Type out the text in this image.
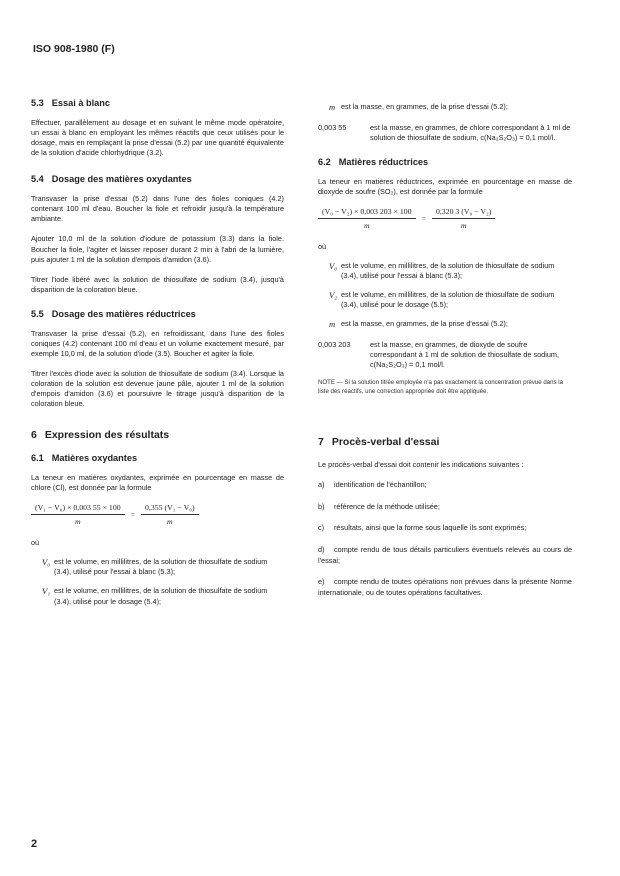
ISO 908-1980 (F)
5.3 Essai à blanc

Effectuer, parallèlement au dosage et en suivant le même mode opératoire, un essai à blanc en employant les mêmes réactifs que ceux utilisés pour le dosage, mais en remplaçant la prise d'essai (5.2) par une quantité équivalente de la solution d'acide chlorhydrique (3.2).

5.4 Dosage des matières oxydantes

Transvaser la prise d'essai (5.2) dans l'une des fioles coniques (4.2) contenant 100 ml d'eau. Boucher la fiole et refroidir jusqu'à la température ambiante.

Ajouter 10,0 ml de la solution d'iodure de potassium (3.3) dans la fiole. Boucher la fiole, l'agiter et laisser reposer durant 2 min à l'abri de la lumière, puis ajouter 1 ml de la solution d'empois d'amidon (3.6).

Titrer l'iode libéré avec la solution de thiosulfate de sodium (3.4), jusqu'à disparition de la coloration bleue.

5.5 Dosage des matières réductrices

Transvaser la prise d'essai (5.2), en refroidissant, dans l'une des fioles coniques (4.2) contenant 100 ml d'eau et un volume exactement mesuré, par exemple 10,0 ml, de la solution d'iode (3.5). Boucher et agiter la fiole.

Titrer l'excès d'iode avec la solution de thiosulfate de sodium (3.4). Lorsque la coloration de la solution est devenue jaune pâle, ajouter 1 ml de la solution d'empois d'amidon (3.6) et poursuivre le titrage jusqu'à disparition de la coloration bleue.

6 Expression des résultats
6.1 Matières oxydantes

La teneur en matières oxydantes, exprimée en pourcentage en masse de chlore (Cl), est donnée par la formule

$\frac{\text{(V₁ − V₀) × 0,003 55 × 100}}{m} = \frac{\text{0,355 (V₁ − V₀)}}{m}$
où
V₀ est le volume, en millilitres, de la solution de thiosulfate de sodium (3.4), utilisé pour l'essai à blanc (5.3);
V₁ est le volume, en millilitres, de la solution de thiosulfate de sodium (3.4), utilisé pour le dosage (5.4);
m est la masse, en grammes, de la prise d'essai (5.2);
0,003 55	est la masse, en grammes, de chlore correspondant à 1 ml de solution de thiosulfate de sodium, c(Na₂S₂O₃) = 0,1 mol/l.
6.2 Matières réductrices

La teneur en matières réductrices, exprimée en pourcentage en masse de dioxyde de soufre (SO₂), est donnée par la formule

$\frac{\text{(V₀ − V₂) × 0,003 203 × 100}}{m} = \frac{\text{0,320 3 (V₀ − V₂)}}{m}$
où
V₀ est le volume, en millilitres, de la solution de thiosulfate de sodium (3.4), utilisé pour l'essai à blanc (5.3);
V₂ est le volume, en millilitres, de la solution de thiosulfate de sodium (3.4), utilisé pour le dosage (5.5);
m est la masse, en grammes, de la prise d'essai (5.2);
0,003 203	est la masse, en grammes, de dioxyde de soufre correspondant à 1 ml de solution de thiosulfate de sodium, c(Na₂S₂O₃) = 0,1 mol/l.
NOTE — Si la solution titrée employée n'a pas exactement la concentration prévue dans la liste des réactifs, une correction appropriée doit être appliquée.
7 Procès-verbal d'essai

Le procès-verbal d'essai doit contenir les indications suivantes :

a) identification de l'échantillon;
b) référence de la méthode utilisée;
c) résultats, ainsi que la forme sous laquelle ils sont exprimés;
d) compte rendu de tous détails particuliers éventuels relevés au cours de l'essai;
e) compte rendu de toutes opérations non prévues dans la présente Norme internationale, ou de toutes opérations facultatives.
2
